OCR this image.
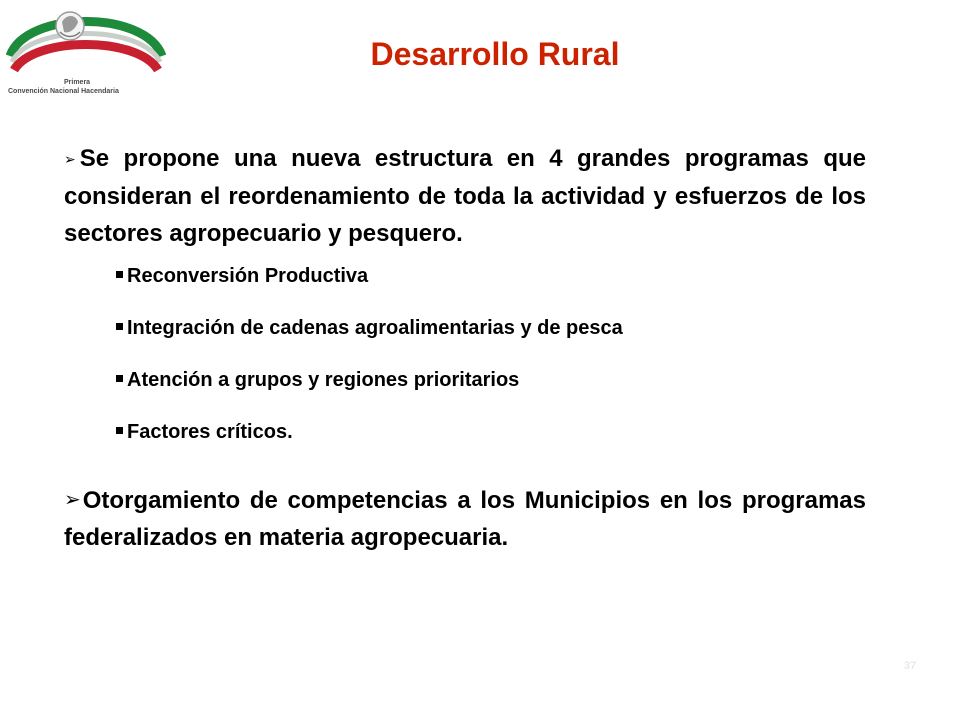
Primera
Convención Nacional Hacendaria
Desarrollo Rural

➢ Se propone una nueva estructura en 4 grandes programas que consideran el reordenamiento de toda la actividad y esfuerzos de los sectores agropecuario y pesquero.

Reconversión Productiva
Integración de cadenas agroalimentarias y de pesca
Atención a grupos y regiones prioritarios
Factores críticos.

➢Otorgamiento de competencias a los Municipios en los programas federalizados en materia agropecuaria.

37
